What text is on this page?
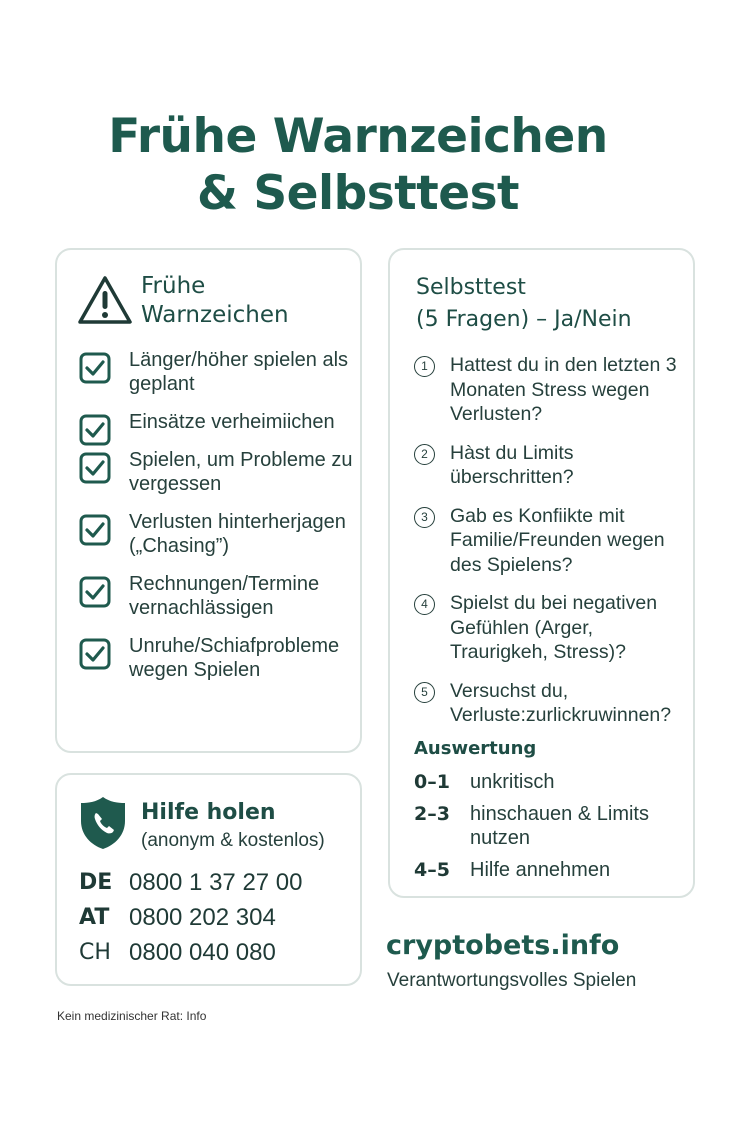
Frühe Warnzeichen
& Selbsttest
Frühe
Warnzeichen
Länger/höher spielen als geplant
Einsätze verheimiichen
Spielen, um Probleme zu vergessen
Verlusten hinterherjagen („Chasing”)
Rechnungen/Termine vernachlässigen
Unruhe/Schiafprobleme wegen Spielen
Hilfe holen

(anonym & kostenlos)

DE 0800 1 37 27 00
AT 0800 202 304
CH 0800 040 080
Selbsttest
(5 Fragen) – Ja/Nein
1	Hattest du in den letzten 3 Monaten Stress wegen Verlusten?
2	Hàst du Limits überschritten?
3	Gab es Konfiikte mit Familie/Freunden wegen des Spielens?
4	Spielst du bei negativen Gefühlen (Arger, Traurigkeh, Stress)?
5	Versuchst du, Verluste:zurlickruwinnen?
Auswertung
0–1 unkritisch
2–3 hinschauen & Limits nutzen
4–5 Hilfe annehmen
cryptobets.info
Verantwortungsvolles Spielen
Kein medizinischer Rat: Info
